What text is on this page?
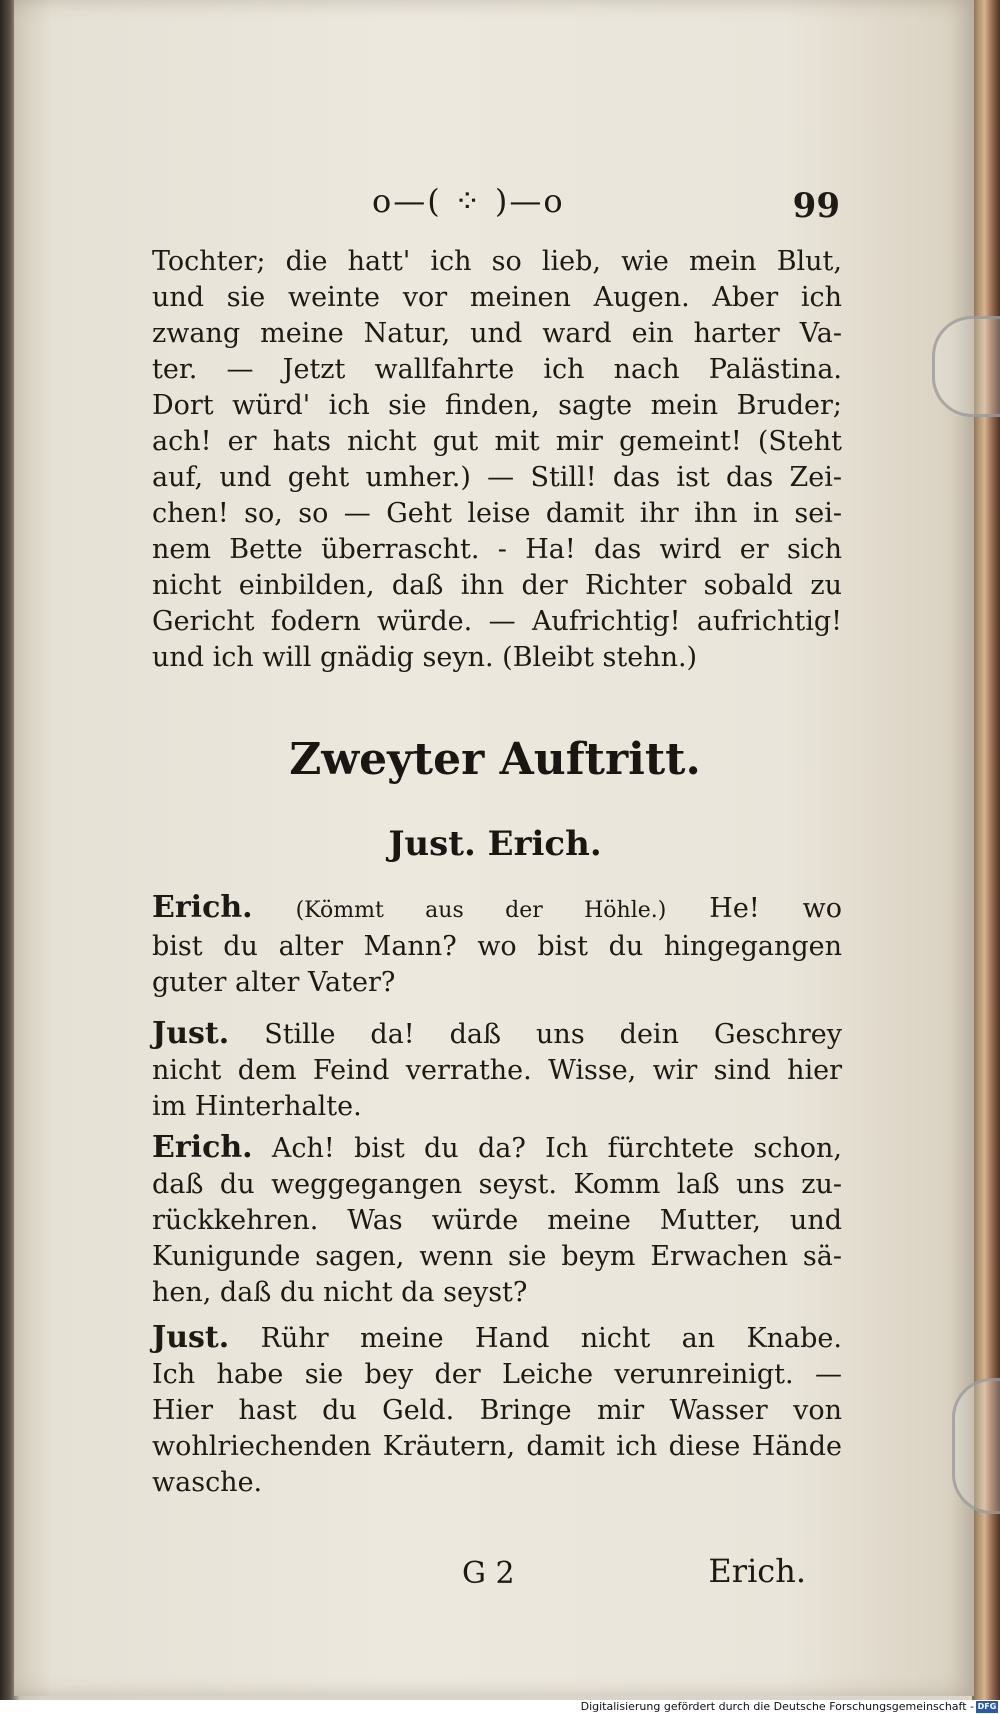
o—( ⁘ )—o	99
Tochter; die hatt' ich so lieb, wie mein Blut,
und sie weinte vor meinen Augen. Aber ich
zwang meine Natur, und ward ein harter Va-
ter. — Jetzt wallfahrte ich nach Palästina.
Dort würd' ich sie finden, sagte mein Bruder;
ach! er hats nicht gut mit mir gemeint! (Steht
auf, und geht umher.) — Still! das ist das Zei-
chen! so, so — Geht leise damit ihr ihn in sei-
nem Bette überrascht. - Ha! das wird er sich
nicht einbilden, daß ihn der Richter sobald zu
Gericht fodern würde. — Aufrichtig! aufrichtig!
und ich will gnädig seyn. (Bleibt stehn.)
Zweyter Auftritt.
Just. Erich.
Erich. (Kömmt aus der Höhle.) He! wo
bist du alter Mann? wo bist du hingegangen
guter alter Vater?
Just. Stille da! daß uns dein Geschrey
nicht dem Feind verrathe. Wisse, wir sind hier
im Hinterhalte.
Erich. Ach! bist du da? Ich fürchtete schon,
daß du weggegangen seyst. Komm laß uns zu-
rückkehren. Was würde meine Mutter, und
Kunigunde sagen, wenn sie beym Erwachen sä-
hen, daß du nicht da seyst?
Just. Rühr meine Hand nicht an Knabe.
Ich habe sie bey der Leiche verunreinigt. —
Hier hast du Geld. Bringe mir Wasser von
wohlriechenden Kräutern, damit ich diese Hände
wasche.
G 2	Erich.
Digitalisierung gefördert durch die Deutsche Forschungsgemeinschaft - DFG
